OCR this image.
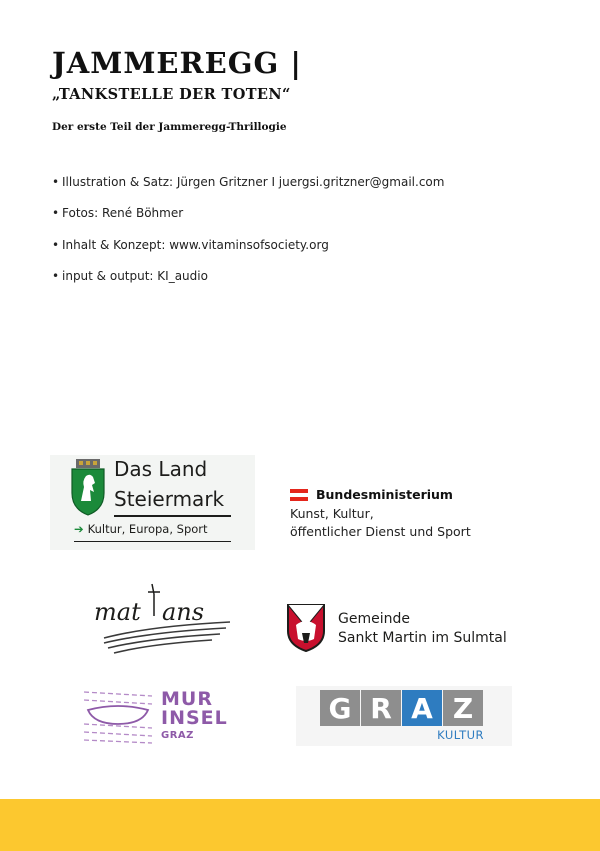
JAMMEREGG |
„TANKSTELLE DER TOTEN“

Der erste Teil der Jammeregg-Thrillogie

• Illustration & Satz: Jürgen Gritzner I juergsi.gritzner@gmail.com
• Fotos: René Böhmer
• Inhalt & Konzept: www.vitaminsofsociety.org
• input & output: KI_audio
Das Land
Steiermark
➔ Kultur, Europa, Sport
Bundesministerium
Kunst, Kultur,
öffentlicher Dienst und Sport
mat ans	Gemeinde
Sankt Martin im Sulmtal
MUR
INSEL
GRAZ
G R A Z
KULTUR
